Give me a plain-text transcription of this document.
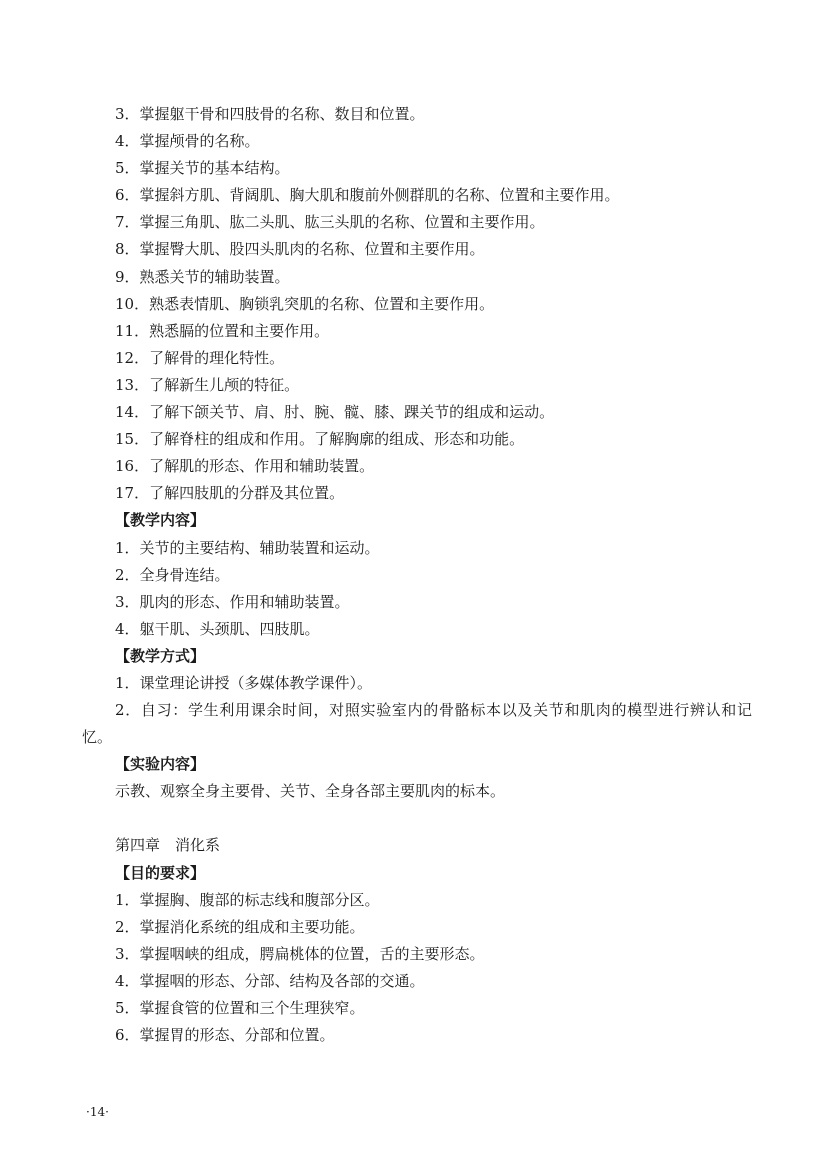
3．掌握躯干骨和四肢骨的名称、数目和位置。
4．掌握颅骨的名称。
5．掌握关节的基本结构。
6．掌握斜方肌、背阔肌、胸大肌和腹前外侧群肌的名称、位置和主要作用。
7．掌握三角肌、肱二头肌、肱三头肌的名称、位置和主要作用。
8．掌握臀大肌、股四头肌肉的名称、位置和主要作用。
9．熟悉关节的辅助装置。
10．熟悉表情肌、胸锁乳突肌的名称、位置和主要作用。
11．熟悉膈的位置和主要作用。
12．了解骨的理化特性。
13．了解新生儿颅的特征。
14．了解下颌关节、肩、肘、腕、髋、膝、踝关节的组成和运动。
15．了解脊柱的组成和作用。了解胸廓的组成、形态和功能。
16．了解肌的形态、作用和辅助装置。
17．了解四肢肌的分群及其位置。
【教学内容】
1．关节的主要结构、辅助装置和运动。
2．全身骨连结。
3．肌肉的形态、作用和辅助装置。
4．躯干肌、头颈肌、四肢肌。
【教学方式】
1．课堂理论讲授（多媒体教学课件）。
2．自习：学生利用课余时间，对照实验室内的骨骼标本以及关节和肌肉的模型进行辨认和记忆。
【实验内容】
示教、观察全身主要骨、关节、全身各部主要肌肉的标本。
第四章　消化系
【目的要求】
1．掌握胸、腹部的标志线和腹部分区。
2．掌握消化系统的组成和主要功能。
3．掌握咽峡的组成，腭扁桃体的位置，舌的主要形态。
4．掌握咽的形态、分部、结构及各部的交通。
5．掌握食管的位置和三个生理狭窄。
6．掌握胃的形态、分部和位置。
·14·
